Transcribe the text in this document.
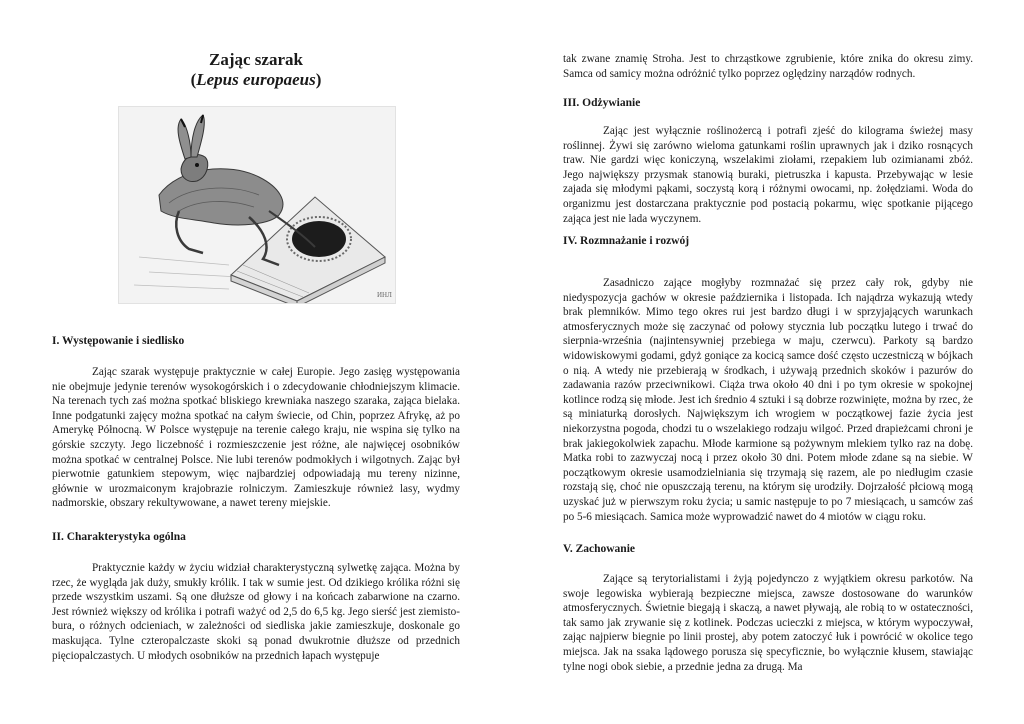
Zając szarak
(Lepus europaeus)
ИНЛ
I. Występowanie i siedlisko

Zając szarak występuje praktycznie w całej Europie. Jego zasięg występowania nie obejmuje jedynie terenów wysokogórskich i o zdecydowanie chłodniejszym klimacie. Na terenach tych zaś można spotkać bliskiego krewniaka naszego szaraka, zająca bielaka. Inne podgatunki zajęcy można spotkać na całym świecie, od Chin, poprzez Afrykę, aż po Amerykę Północną. W Polsce występuje na terenie całego kraju, nie wspina się tylko na górskie szczyty. Jego liczebność i rozmieszczenie jest różne, ale najwięcej osobników można spotkać w centralnej Polsce. Nie lubi terenów podmokłych i wilgotnych. Zając był pierwotnie gatunkiem stepowym, więc najbardziej odpowiadają mu tereny nizinne, głównie w urozmaiconym krajobrazie rolniczym. Zamieszkuje również lasy, wydmy nadmorskie, obszary rekultywowane, a nawet tereny miejskie.

II. Charakterystyka ogólna

Praktycznie każdy w życiu widział charakterystyczną sylwetkę zająca. Można by rzec, że wygląda jak duży, smukły królik. I tak w sumie jest. Od dzikiego królika różni się przede wszystkim uszami. Są one dłuższe od głowy i na końcach zabarwione na czarno. Jest również większy od królika i potrafi ważyć od 2,5 do 6,5 kg. Jego sierść jest ziemisto-bura, o różnych odcieniach, w zależności od siedliska jakie zamieszkuje, doskonale go maskująca. Tylne czteropalczaste skoki są ponad dwukrotnie dłuższe od przednich pięciopalczastych. U młodych osobników na przednich łapach występuje

tak zwane znamię Stroha. Jest to chrząstkowe zgrubienie, które znika do okresu zimy. Samca od samicy można odróżnić tylko poprzez oględziny narządów rodnych.

III. Odżywianie

Zając jest wyłącznie roślinożercą i potrafi zjeść do kilograma świeżej masy roślinnej. Żywi się zarówno wieloma gatunkami roślin uprawnych jak i dziko rosnących traw. Nie gardzi więc koniczyną, wszelakimi ziołami, rzepakiem lub ozimianami zbóż. Jego największy przysmak stanowią buraki, pietruszka i kapusta. Przebywając w lesie zajada się młodymi pąkami, soczystą korą i różnymi owocami, np. żołędziami. Woda do organizmu jest dostarczana praktycznie pod postacią pokarmu, więc spotkanie pijącego zająca jest nie lada wyczynem.

IV. Rozmnażanie i rozwój

Zasadniczo zające mogłyby rozmnażać się przez cały rok, gdyby nie niedyspozycja gachów w okresie października i listopada. Ich najądrza wykazują wtedy brak plemników. Mimo tego okres rui jest bardzo długi i w sprzyjających warunkach atmosferycznych może się zaczynać od połowy stycznia lub początku lutego i trwać do sierpnia-września (najintensywniej przebiega w maju, czerwcu). Parkoty są bardzo widowiskowymi godami, gdyż goniące za kocicą samce dość często uczestniczą w bójkach o nią. A wtedy nie przebierają w środkach, i używają przednich skoków i pazurów do zadawania razów przeciwnikowi. Ciąża trwa około 40 dni i po tym okresie w spokojnej kotlince rodzą się młode. Jest ich średnio 4 sztuki i są dobrze rozwinięte, można by rzec, że są miniaturką dorosłych. Największym ich wrogiem w początkowej fazie życia jest niekorzystna pogoda, chodzi tu o wszelakiego rodzaju wilgoć. Przed drapieżcami chroni je brak jakiegokolwiek zapachu. Młode karmione są pożywnym mlekiem tylko raz na dobę. Matka robi to zazwyczaj nocą i przez około 30 dni. Potem młode zdane są na siebie. W początkowym okresie usamodzielniania się trzymają się razem, ale po niedługim czasie rozstają się, choć nie opuszczają terenu, na którym się urodziły. Dojrzałość płciową mogą uzyskać już w pierwszym roku życia; u samic następuje to po 7 miesiącach, u samców zaś po 5-6 miesiącach. Samica może wyprowadzić nawet do 4 miotów w ciągu roku.

V. Zachowanie

Zające są terytorialistami i żyją pojedynczo z wyjątkiem okresu parkotów. Na swoje legowiska wybierają bezpieczne miejsca, zawsze dostosowane do warunków atmosferycznych. Świetnie biegają i skaczą, a nawet pływają, ale robią to w ostateczności, tak samo jak zrywanie się z kotlinek. Podczas ucieczki z miejsca, w którym wypoczywał, zając najpierw biegnie po linii prostej, aby potem zatoczyć łuk i powrócić w okolice tego miejsca. Jak na ssaka lądowego porusza się specyficznie, bo wyłącznie kłusem, stawiając tylne nogi obok siebie, a przednie jedna za drugą. Ma
